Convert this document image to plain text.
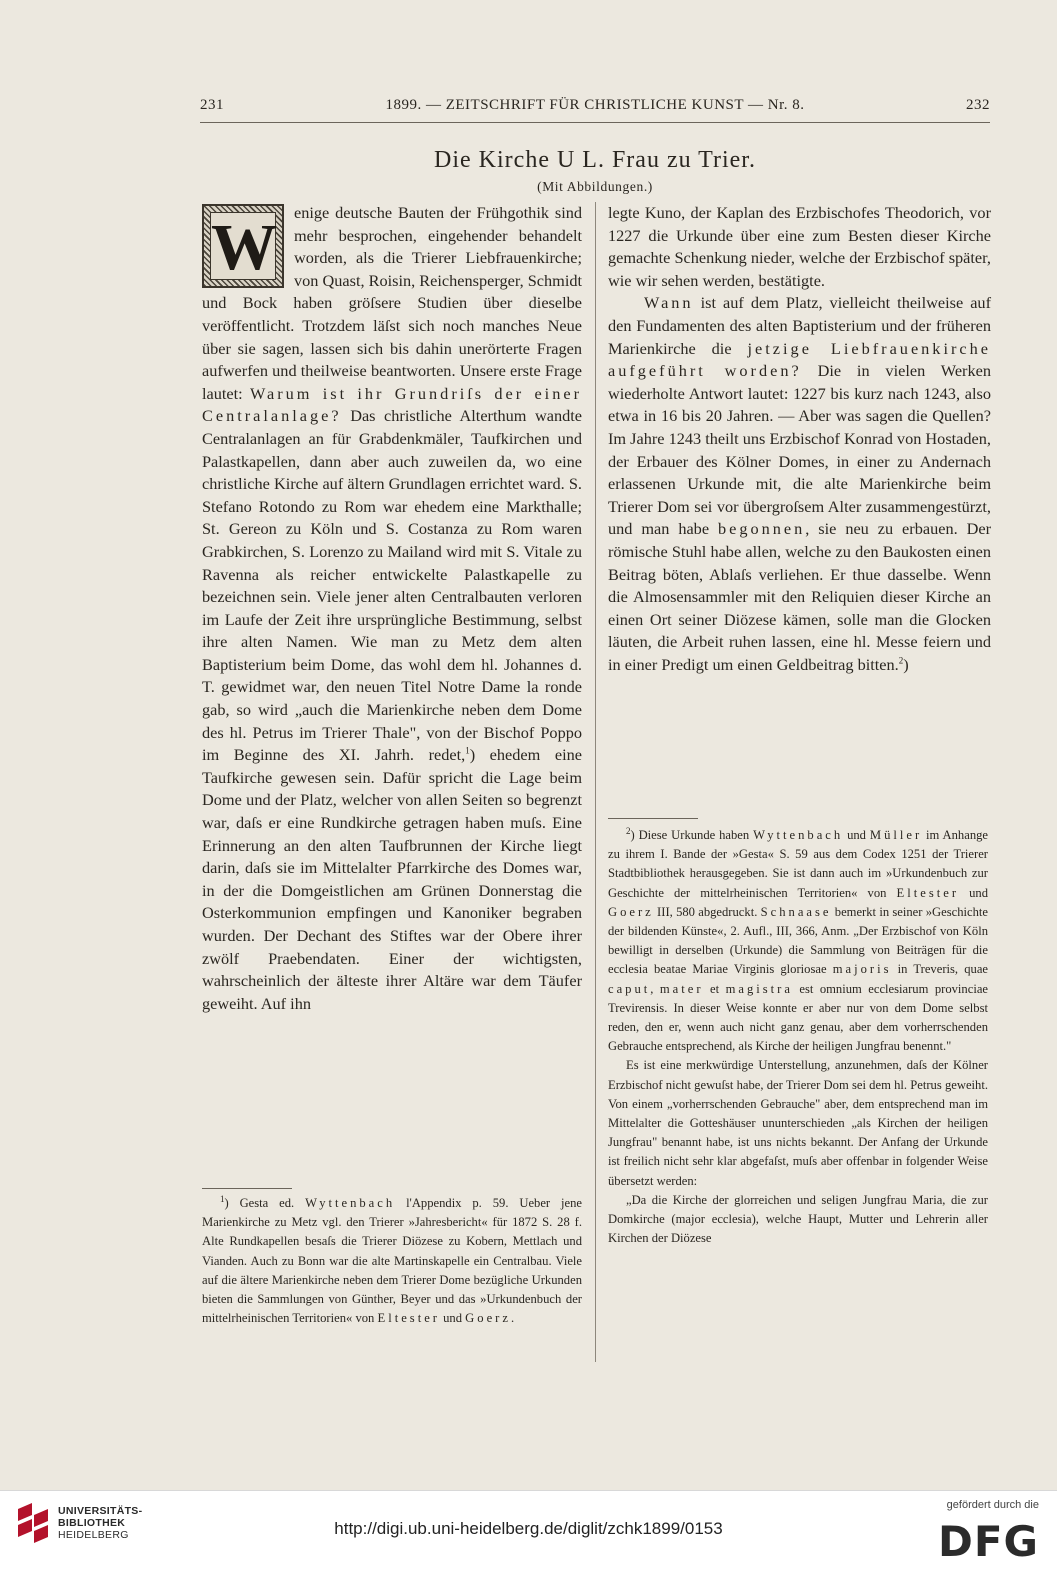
231	1899. — ZEITSCHRIFT FÜR CHRISTLICHE KUNST — Nr. 8.	232
Die Kirche U L. Frau zu Trier.
(Mit Abbildungen.)

W enige deutsche Bauten der Frühgothik sind mehr besprochen, eingehender behandelt worden, als die Trierer Liebfrauenkirche; von Quast, Roisin, Reichensperger, Schmidt und Bock haben gröſsere Studien über dieselbe veröffentlicht. Trotzdem läſst sich noch manches Neue über sie sagen, lassen sich bis dahin unerörterte Fragen aufwerfen und theilweise beantworten. Unsere erste Frage lautet: Warum ist ihr Grundriſs der einer Centralanlage? Das christliche Alterthum wandte Centralanlagen an für Grabdenkmäler, Taufkirchen und Palastkapellen, dann aber auch zuweilen da, wo eine christliche Kirche auf ältern Grundlagen errichtet ward. S. Stefano Rotondo zu Rom war ehedem eine Markthalle; St. Gereon zu Köln und S. Costanza zu Rom waren Grabkirchen, S. Lorenzo zu Mailand wird mit S. Vitale zu Ravenna als reicher entwickelte Palastkapelle zu bezeichnen sein. Viele jener alten Centralbauten verloren im Laufe der Zeit ihre ursprüngliche Bestimmung, selbst ihre alten Namen. Wie man zu Metz dem alten Baptisterium beim Dome, das wohl dem hl. Johannes d. T. gewidmet war, den neuen Titel Notre Dame la ronde gab, so wird „auch die Marienkirche neben dem Dome des hl. Petrus im Trierer Thale", von der Bischof Poppo im Beginne des XI. Jahrh. redet,$^1$) ehedem eine Taufkirche gewesen sein. Dafür spricht die Lage beim Dome und der Platz, welcher von allen Seiten so begrenzt war, daſs er eine Rundkirche getragen haben muſs. Eine Erinnerung an den alten Taufbrunnen der Kirche liegt darin, daſs sie im Mittelalter Pfarrkirche des Domes war, in der die Domgeistlichen am Grünen Donnerstag die Osterkommunion empfingen und Kanoniker begraben wurden. Der Dechant des Stiftes war der Obere ihrer zwölf Praebendaten. Einer der wichtigsten, wahrscheinlich der älteste ihrer Altäre war dem Täufer geweiht. Auf ihn

legte Kuno, der Kaplan des Erzbischofes Theodorich, vor 1227 die Urkunde über eine zum Besten dieser Kirche gemachte Schenkung nieder, welche der Erzbischof später, wie wir sehen werden, bestätigte.

Wann ist auf dem Platz, vielleicht theilweise auf den Fundamenten des alten Baptisterium und der früheren Marienkirche die jetzige Liebfrauenkirche aufgeführt worden? Die in vielen Werken wiederholte Antwort lautet: 1227 bis kurz nach 1243, also etwa in 16 bis 20 Jahren. — Aber was sagen die Quellen? Im Jahre 1243 theilt uns Erzbischof Konrad von Hostaden, der Erbauer des Kölner Domes, in einer zu Andernach erlassenen Urkunde mit, die alte Marienkirche beim Trierer Dom sei vor übergroſsem Alter zusammengestürzt, und man habe begonnen, sie neu zu erbauen. Der römische Stuhl habe allen, welche zu den Baukosten einen Beitrag böten, Ablaſs verliehen. Er thue dasselbe. Wenn die Almosensammler mit den Reliquien dieser Kirche an einen Ort seiner Diözese kämen, solle man die Glocken läuten, die Arbeit ruhen lassen, eine hl. Messe feiern und in einer Predigt um einen Geldbeitrag bitten.$^2$)

$^1$) Gesta ed. Wyttenbach l'Appendix p. 59. Ueber jene Marienkirche zu Metz vgl. den Trierer »Jahresbericht« für 1872 S. 28 f. Alte Rundkapellen besaſs die Trierer Diözese zu Kobern, Mettlach und Vianden. Auch zu Bonn war die alte Martinskapelle ein Centralbau. Viele auf die ältere Marienkirche neben dem Trierer Dome bezügliche Urkunden bieten die Sammlungen von Günther, Beyer und das »Urkundenbuch der mittelrheinischen Territorien« von Eltester und Goerz.

$^2$) Diese Urkunde haben Wyttenbach und Müller im Anhange zu ihrem I. Bande der »Gesta« S. 59 aus dem Codex 1251 der Trierer Stadtbibliothek herausgegeben. Sie ist dann auch im »Urkundenbuch zur Geschichte der mittelrheinischen Territorien« von Eltester und Goerz III, 580 abgedruckt. Schnaase bemerkt in seiner »Geschichte der bildenden Künste«, 2. Aufl., III, 366, Anm. „Der Erzbischof von Köln bewilligt in derselben (Urkunde) die Sammlung von Beiträgen für die ecclesia beatae Mariae Virginis gloriosae majoris in Treveris, quae caput, mater et magistra est omnium ecclesiarum provinciae Trevirensis. In dieser Weise konnte er aber nur von dem Dome selbst reden, den er, wenn auch nicht ganz genau, aber dem vorherrschenden Gebrauche entsprechend, als Kirche der heiligen Jungfrau benennt."

Es ist eine merkwürdige Unterstellung, anzunehmen, daſs der Kölner Erzbischof nicht gewuſst habe, der Trierer Dom sei dem hl. Petrus geweiht. Von einem „vorherrschenden Gebrauche" aber, dem entsprechend man im Mittelalter die Gotteshäuser ununterschieden „als Kirchen der heiligen Jungfrau" benannt habe, ist uns nichts bekannt. Der Anfang der Urkunde ist freilich nicht sehr klar abgefaſst, muſs aber offenbar in folgender Weise übersetzt werden:

„Da die Kirche der glorreichen und seligen Jungfrau Maria, die zur Domkirche (major ecclesia), welche Haupt, Mutter und Lehrerin aller Kirchen der Diözese

UNIVERSITÄTS-
BIBLIOTHEK
HEIDELBERG	http://digi.ub.uni-heidelberg.de/diglit/zchk1899/0153
gefördert durch die
DFG
